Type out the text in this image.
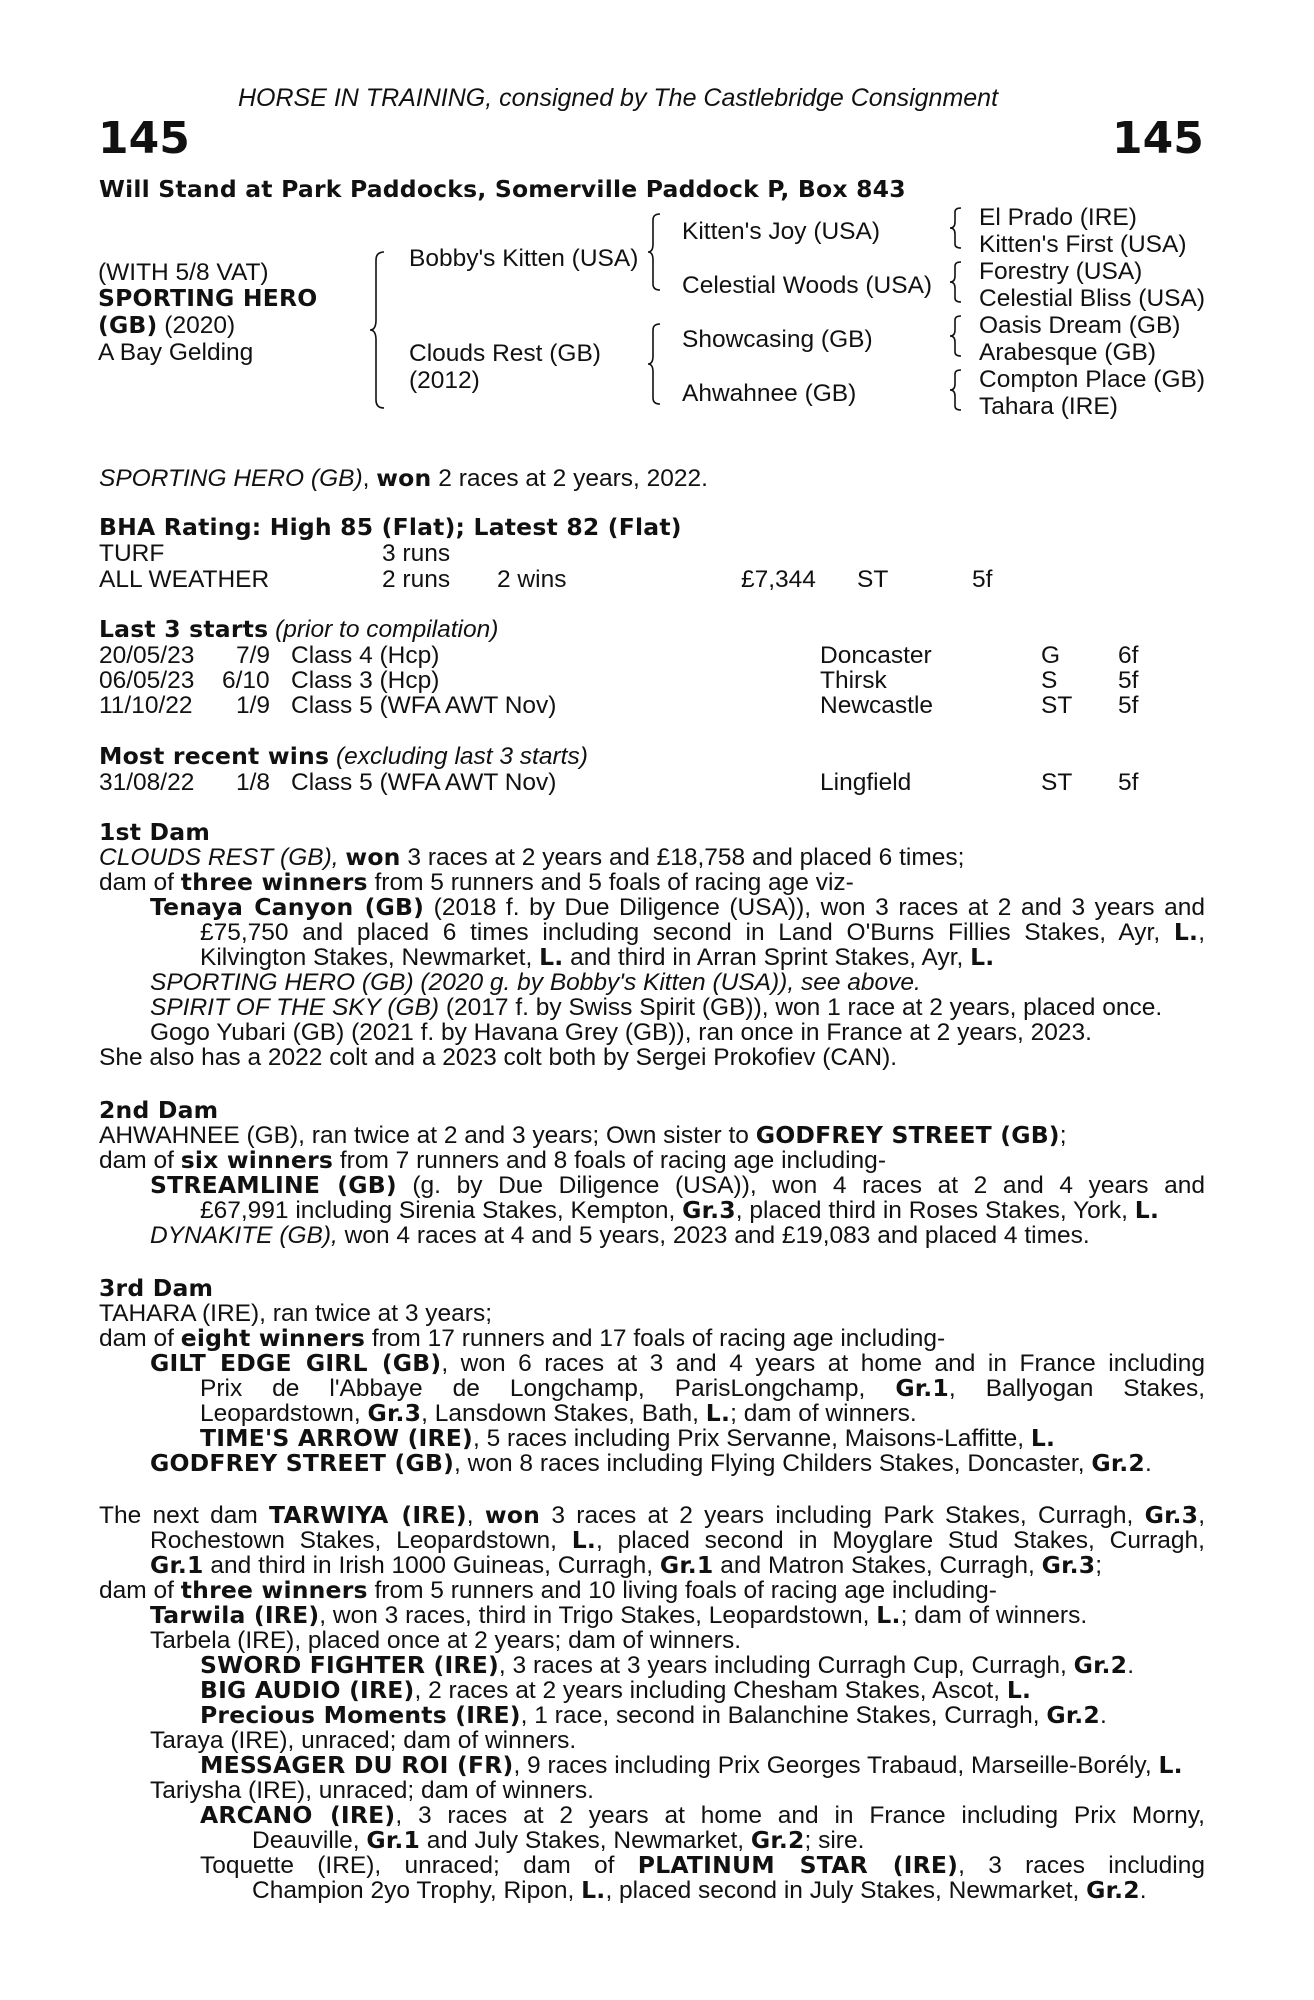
HORSE IN TRAINING, consigned by The Castlebridge Consignment
145	145
Will Stand at Park Paddocks, Somerville Paddock P, Box 843
(WITH 5/8 VAT)
SPORTING HERO
(GB) (2020)
A Bay Gelding
Bobby's Kitten (USA)
Clouds Rest (GB)
(2012)
Kitten's Joy (USA)
Celestial Woods (USA)
Showcasing (GB)
Ahwahnee (GB)
El Prado (IRE)
Kitten's First (USA)
Forestry (USA)
Celestial Bliss (USA)
Oasis Dream (GB)
Arabesque (GB)
Compton Place (GB)
Tahara (IRE)
SPORTING HERO (GB), won 2 races at 2 years, 2022.
BHA Rating: High 85 (Flat); Latest 82 (Flat)
TURF	3 runs
ALL WEATHER	2 runs 2 wins	£7,344 ST	5f
Last 3 starts (prior to compilation)
20/05/23 7/9 Class 4 (Hcp)	Doncaster	G 6f
06/05/23 6/10 Class 3 (Hcp)	Thirsk	S 5f
11/10/22 1/9 Class 5 (WFA AWT Nov)	Newcastle	ST 5f
Most recent wins (excluding last 3 starts)
31/08/22 1/8 Class 5 (WFA AWT Nov)	Lingfield	ST 5f
1st Dam
CLOUDS REST (GB), won 3 races at 2 years and £18,758 and placed 6 times;
dam of three winners from 5 runners and 5 foals of racing age viz-
Tenaya Canyon (GB) (2018 f. by Due Diligence (USA)), won 3 races at 2 and 3 years and
£75,750 and placed 6 times including second in Land O'Burns Fillies Stakes, Ayr, L.,
Kilvington Stakes, Newmarket, L. and third in Arran Sprint Stakes, Ayr, L.
SPORTING HERO (GB) (2020 g. by Bobby's Kitten (USA)), see above.
SPIRIT OF THE SKY (GB) (2017 f. by Swiss Spirit (GB)), won 1 race at 2 years, placed once.
Gogo Yubari (GB) (2021 f. by Havana Grey (GB)), ran once in France at 2 years, 2023.
She also has a 2022 colt and a 2023 colt both by Sergei Prokofiev (CAN).
2nd Dam
AHWAHNEE (GB), ran twice at 2 and 3 years; Own sister to GODFREY STREET (GB);
dam of six winners from 7 runners and 8 foals of racing age including-
STREAMLINE (GB) (g. by Due Diligence (USA)), won 4 races at 2 and 4 years and
£67,991 including Sirenia Stakes, Kempton, Gr.3, placed third in Roses Stakes, York, L.
DYNAKITE (GB), won 4 races at 4 and 5 years, 2023 and £19,083 and placed 4 times.
3rd Dam
TAHARA (IRE), ran twice at 3 years;
dam of eight winners from 17 runners and 17 foals of racing age including-
GILT EDGE GIRL (GB), won 6 races at 3 and 4 years at home and in France including
Prix de l'Abbaye de Longchamp, ParisLongchamp, Gr.1, Ballyogan Stakes,
Leopardstown, Gr.3, Lansdown Stakes, Bath, L.; dam of winners.
TIME'S ARROW (IRE), 5 races including Prix Servanne, Maisons-Laffitte, L.
GODFREY STREET (GB), won 8 races including Flying Childers Stakes, Doncaster, Gr.2.
The next dam TARWIYA (IRE), won 3 races at 2 years including Park Stakes, Curragh, Gr.3,
Rochestown Stakes, Leopardstown, L., placed second in Moyglare Stud Stakes, Curragh,
Gr.1 and third in Irish 1000 Guineas, Curragh, Gr.1 and Matron Stakes, Curragh, Gr.3;
dam of three winners from 5 runners and 10 living foals of racing age including-
Tarwila (IRE), won 3 races, third in Trigo Stakes, Leopardstown, L.; dam of winners.
Tarbela (IRE), placed once at 2 years; dam of winners.
SWORD FIGHTER (IRE), 3 races at 3 years including Curragh Cup, Curragh, Gr.2.
BIG AUDIO (IRE), 2 races at 2 years including Chesham Stakes, Ascot, L.
Precious Moments (IRE), 1 race, second in Balanchine Stakes, Curragh, Gr.2.
Taraya (IRE), unraced; dam of winners.
MESSAGER DU ROI (FR), 9 races including Prix Georges Trabaud, Marseille-Borély, L.
Tariysha (IRE), unraced; dam of winners.
ARCANO (IRE), 3 races at 2 years at home and in France including Prix Morny,
Deauville, Gr.1 and July Stakes, Newmarket, Gr.2; sire.
Toquette (IRE), unraced; dam of PLATINUM STAR (IRE), 3 races including
Champion 2yo Trophy, Ripon, L., placed second in July Stakes, Newmarket, Gr.2.
